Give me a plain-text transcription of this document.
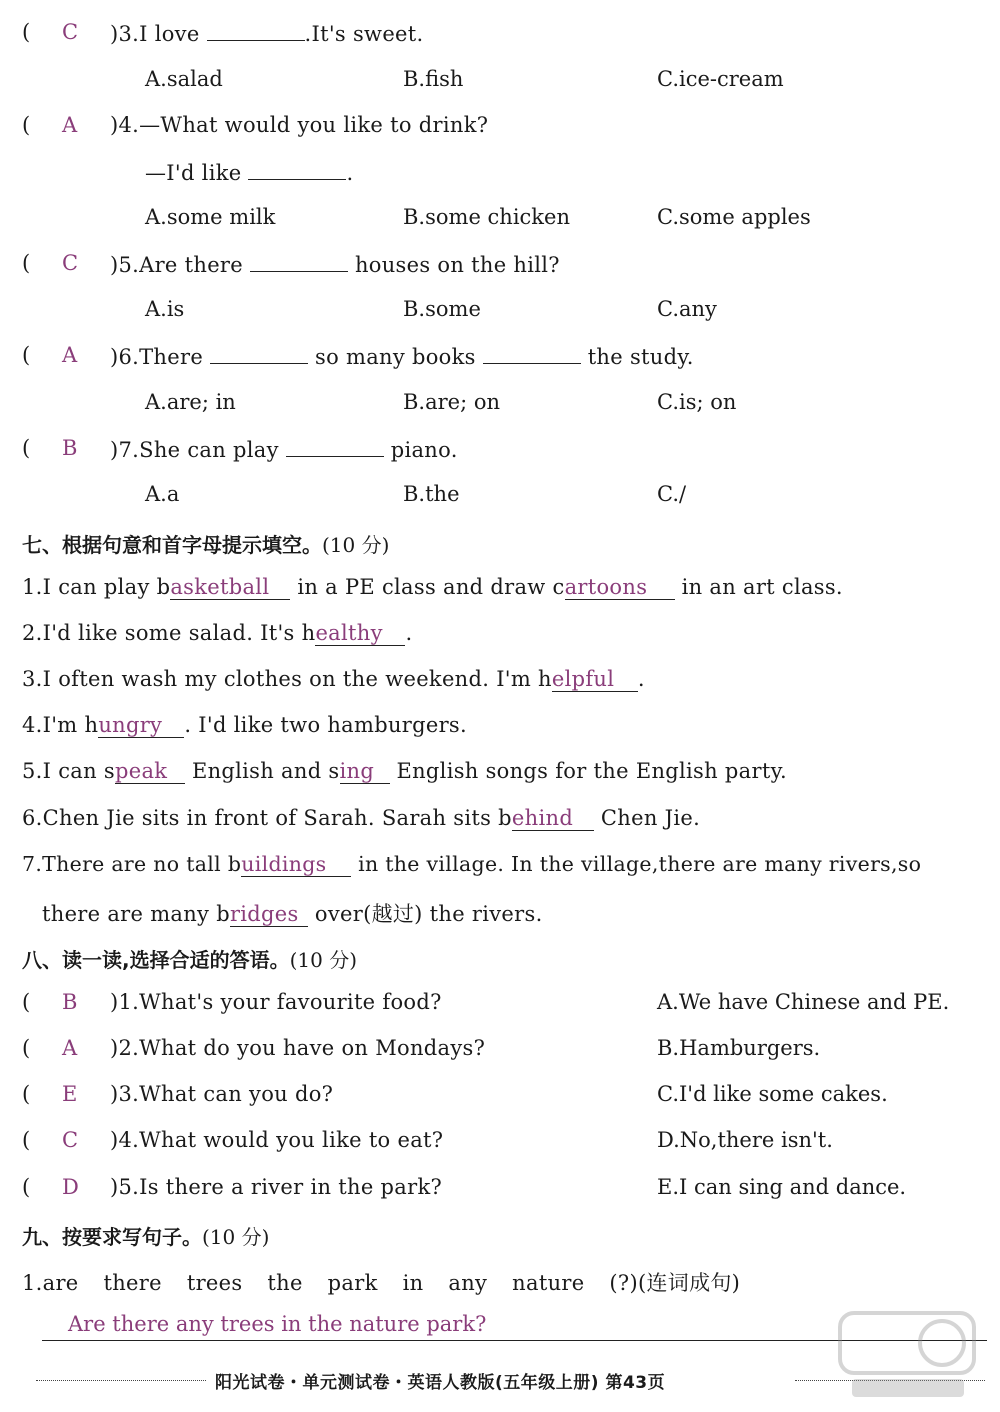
( C )3.I love	.It's sweet.
A.salad	B.fish	C.ice-cream
( A )4.—What would you like to drink?
—I'd like	.
A.some milk	B.some chicken	C.some apples
( C )5.Are there	houses on the hill?
A.is	B.some	C.any
( A )6.There	so many books	the study.
A.are; in	B.are; on	C.is; on
( B )7.She can play	piano.
A.a	B.the	C./
七、根据句意和首字母提示填空。(10 分)
1.I can play basketball in a PE class and draw cartoons in an art class.
2.I'd like some salad. It's healthy .
3.I often wash my clothes on the weekend. I'm helpful .
4.I'm hungry . I'd like two hamburgers.
5.I can speak English and sing English songs for the English party.
6.Chen Jie sits in front of Sarah. Sarah sits behind Chen Jie.
7.There are no tall buildings in the village. In the village,there are many rivers,so
there are many bridges over(越过) the rivers.
八、读一读,选择合适的答语。(10 分)
( B )1.What's your favourite food?	A.We have Chinese and PE.
( A )2.What do you have on Mondays?	B.Hamburgers.
( E )3.What can you do?	C.I'd like some cakes.
( C )4.What would you like to eat?	D.No,there isn't.
( D )5.Is there a river in the park?	E.I can sing and dance.
九、按要求写句子。(10 分)
1.are there trees the park in any nature (?)(连词成句)
Are there any trees in the nature park?
阳光试卷・单元测试卷・英语人教版(五年级上册) 第43页
